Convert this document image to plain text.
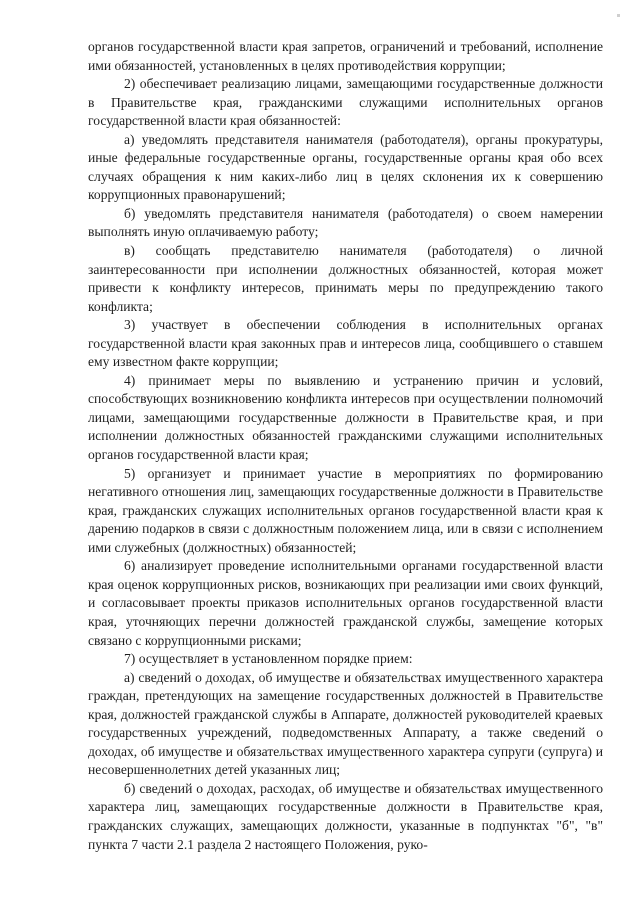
органов государственной власти края запретов, ограничений и требований, исполнение ими обязанностей, установленных в целях противодействия коррупции;

2) обеспечивает реализацию лицами, замещающими государственные должности в Правительстве края, гражданскими служащими исполнительных органов государственной власти края обязанностей:

а) уведомлять представителя нанимателя (работодателя), органы прокуратуры, иные федеральные государственные органы, государственные органы края обо всех случаях обращения к ним каких-либо лиц в целях склонения их к совершению коррупционных правонарушений;

б) уведомлять представителя нанимателя (работодателя) о своем намерении выполнять иную оплачиваемую работу;

в) сообщать представителю нанимателя (работодателя) о личной заинтересованности при исполнении должностных обязанностей, которая может привести к конфликту интересов, принимать меры по предупреждению такого конфликта;

3) участвует в обеспечении соблюдения в исполнительных органах государственной власти края законных прав и интересов лица, сообщившего о ставшем ему известном факте коррупции;

4) принимает меры по выявлению и устранению причин и условий, способствующих возникновению конфликта интересов при осуществлении полномочий лицами, замещающими государственные должности в Правительстве края, и при исполнении должностных обязанностей гражданскими служащими исполнительных органов государственной власти края;

5) организует и принимает участие в мероприятиях по формированию негативного отношения лиц, замещающих государственные должности в Правительстве края, гражданских служащих исполнительных органов государственной власти края к дарению подарков в связи с должностным положением лица, или в связи с исполнением ими служебных (должностных) обязанностей;

6) анализирует проведение исполнительными органами государственной власти края оценок коррупционных рисков, возникающих при реализации ими своих функций, и согласовывает проекты приказов исполнительных органов государственной власти края, уточняющих перечни должностей гражданской службы, замещение которых связано с коррупционными рисками;

7) осуществляет в установленном порядке прием:

а) сведений о доходах, об имуществе и обязательствах имущественного характера граждан, претендующих на замещение государственных должностей в Правительстве края, должностей гражданской службы в Аппарате, должностей руководителей краевых государственных учреждений, подведомственных Аппарату, а также сведений о доходах, об имуществе и обязательствах имущественного характера супруги (супруга) и несовершеннолетних детей указанных лиц;

б) сведений о доходах, расходах, об имуществе и обязательствах имущественного характера лиц, замещающих государственные должности в Правительстве края, гражданских служащих, замещающих должности, указанные в подпунктах "б", "в" пункта 7 части 2.1 раздела 2 настоящего Положения, руко-
